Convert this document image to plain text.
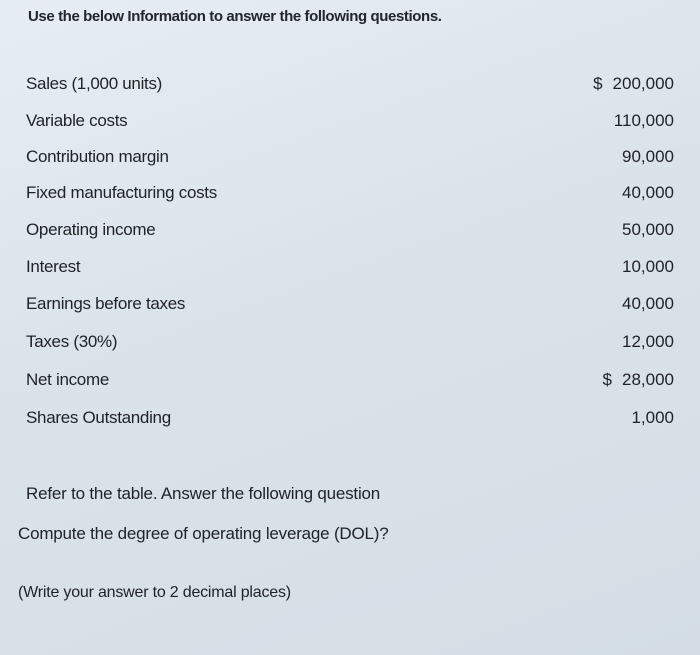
Use the below Information to answer the following questions.
Sales (1,000 units)	$ 200,000
Variable costs	110,000
Contribution margin	90,000
Fixed manufacturing costs	40,000
Operating income	50,000
Interest	10,000
Earnings before taxes	40,000
Taxes (30%)	12,000
Net income	$ 28,000
Shares Outstanding	1,000
Refer to the table. Answer the following question
Compute the degree of operating leverage (DOL)?
(Write your answer to 2 decimal places)
